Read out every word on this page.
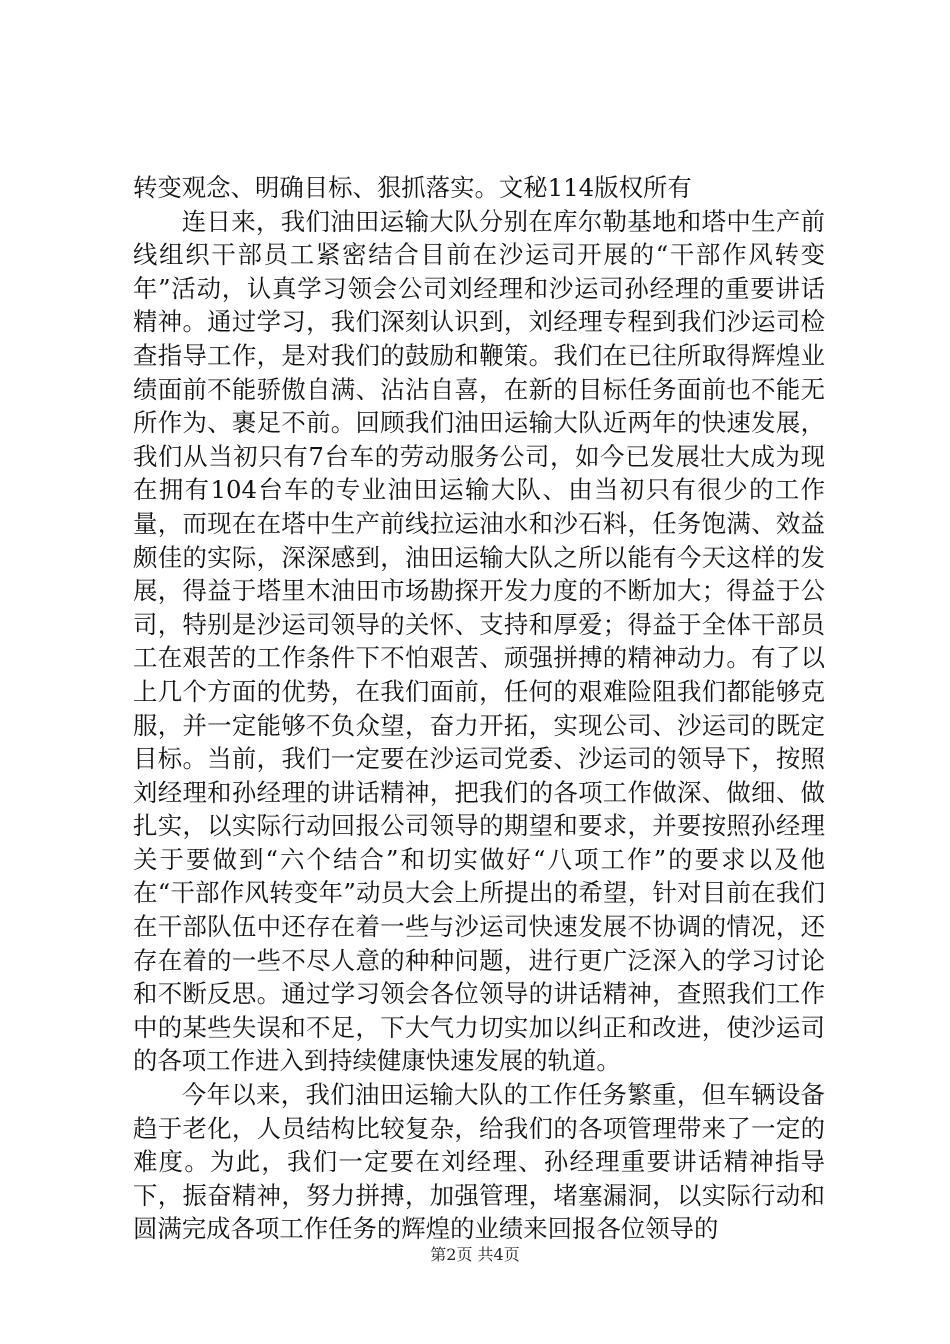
转变观念、明确目标、狠抓落实。文秘114版权所有

连日来，我们油田运输大队分别在库尔勒基地和塔中生产前线组织干部员工紧密结合目前在沙运司开展的“干部作风转变年”活动，认真学习领会公司刘经理和沙运司孙经理的重要讲话精神。通过学习，我们深刻认识到，刘经理专程到我们沙运司检查指导工作，是对我们的鼓励和鞭策。我们在已往所取得辉煌业绩面前不能骄傲自满、沾沾自喜，在新的目标任务面前也不能无所作为、裹足不前。回顾我们油田运输大队近两年的快速发展，我们从当初只有7台车的劳动服务公司，如今已发展壮大成为现在拥有104台车的专业油田运输大队、由当初只有很少的工作量，而现在在塔中生产前线拉运油水和沙石料，任务饱满、效益颇佳的实际，深深感到，油田运输大队之所以能有今天这样的发展，得益于塔里木油田市场勘探开发力度的不断加大；得益于公司，特别是沙运司领导的关怀、支持和厚爱；得益于全体干部员工在艰苦的工作条件下不怕艰苦、顽强拼搏的精神动力。有了以上几个方面的优势，在我们面前，任何的艰难险阻我们都能够克服，并一定能够不负众望，奋力开拓，实现公司、沙运司的既定目标。当前，我们一定要在沙运司党委、沙运司的领导下，按照刘经理和孙经理的讲话精神，把我们的各项工作做深、做细、做扎实，以实际行动回报公司领导的期望和要求，并要按照孙经理关于要做到“六个结合”和切实做好“八项工作”的要求以及他在“干部作风转变年”动员大会上所提出的希望，针对目前在我们在干部队伍中还存在着一些与沙运司快速发展不协调的情况，还存在着的一些不尽人意的种种问题，进行更广泛深入的学习讨论和不断反思。通过学习领会各位领导的讲话精神，查照我们工作中的某些失误和不足，下大气力切实加以纠正和改进，使沙运司的各项工作进入到持续健康快速发展的轨道。

今年以来，我们油田运输大队的工作任务繁重，但车辆设备趋于老化，人员结构比较复杂，给我们的各项管理带来了一定的难度。为此，我们一定要在刘经理、孙经理重要讲话精神指导下，振奋精神，努力拼搏，加强管理，堵塞漏洞，以实际行动和圆满完成各项工作任务的辉煌的业绩来回报各位领导的

第2页 共4页
